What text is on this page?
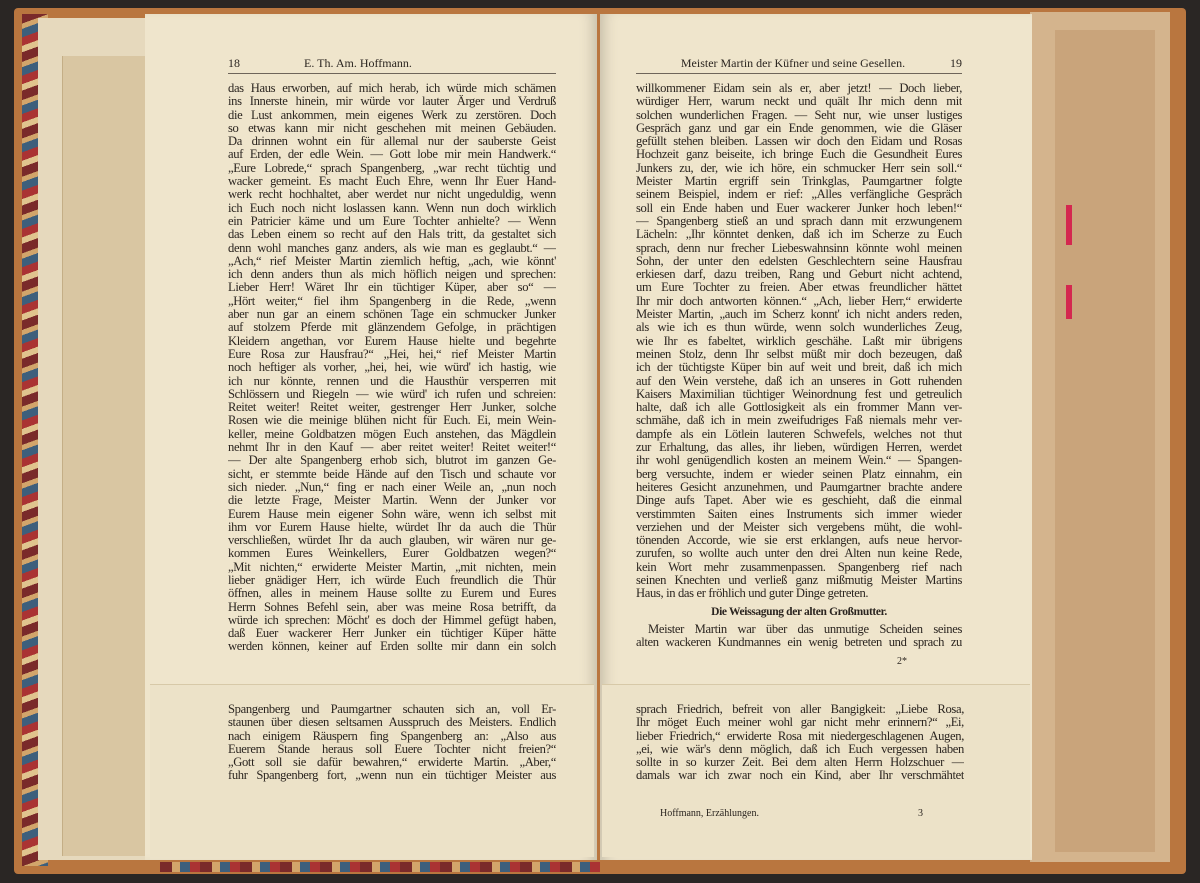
18	E. Th. Am. Hoffmann.
das Haus erworben, auf mich herab, ich würde mich schämen
ins Innerste hinein, mir würde vor lauter Ärger und Verdruß
die Lust ankommen, mein eigenes Werk zu zerstören. Doch
so etwas kann mir nicht geschehen mit meinen Gebäuden.
Da drinnen wohnt ein für allemal nur der sauberste Geist
auf Erden, der edle Wein. — Gott lobe mir mein Handwerk.“
„Eure Lobrede,“ sprach Spangenberg, „war recht tüchtig und
wacker gemeint. Es macht Euch Ehre, wenn Ihr Euer Hand-
werk recht hochhaltet, aber werdet nur nicht ungeduldig, wenn
ich Euch noch nicht loslassen kann. Wenn nun doch wirklich
ein Patricier käme und um Eure Tochter anhielte? — Wenn
das Leben einem so recht auf den Hals tritt, da gestaltet sich
denn wohl manches ganz anders, als wie man es geglaubt.“ —
„Ach,“ rief Meister Martin ziemlich heftig, „ach, wie könnt'
ich denn anders thun als mich höflich neigen und sprechen:
Lieber Herr! Wäret Ihr ein tüchtiger Küper, aber so“ —
„Hört weiter,“ fiel ihm Spangenberg in die Rede, „wenn
aber nun gar an einem schönen Tage ein schmucker Junker
auf stolzem Pferde mit glänzendem Gefolge, in prächtigen
Kleidern angethan, vor Eurem Hause hielte und begehrte
Eure Rosa zur Hausfrau?“ „Hei, hei,“ rief Meister Martin
noch heftiger als vorher, „hei, hei, wie würd' ich hastig, wie
ich nur könnte, rennen und die Hausthür versperren mit
Schlössern und Riegeln — wie würd' ich rufen und schreien:
Reitet weiter! Reitet weiter, gestrenger Herr Junker, solche
Rosen wie die meinige blühen nicht für Euch. Ei, mein Wein-
keller, meine Goldbatzen mögen Euch anstehen, das Mägdlein
nehmt Ihr in den Kauf — aber reitet weiter! Reitet weiter!“
— Der alte Spangenberg erhob sich, blutrot im ganzen Ge-
sicht, er stemmte beide Hände auf den Tisch und schaute vor
sich nieder. „Nun,“ fing er nach einer Weile an, „nun noch
die letzte Frage, Meister Martin. Wenn der Junker vor
Eurem Hause mein eigener Sohn wäre, wenn ich selbst mit
ihm vor Eurem Hause hielte, würdet Ihr da auch die Thür
verschließen, würdet Ihr da auch glauben, wir wären nur ge-
kommen Eures Weinkellers, Eurer Goldbatzen wegen?“
„Mit nichten,“ erwiderte Meister Martin, „mit nichten, mein
lieber gnädiger Herr, ich würde Euch freundlich die Thür
öffnen, alles in meinem Hause sollte zu Eurem und Eures
Herrn Sohnes Befehl sein, aber was meine Rosa betrifft, da
würde ich sprechen: Möcht' es doch der Himmel gefügt haben,
daß Euer wackerer Herr Junker ein tüchtiger Küper hätte
werden können, keiner auf Erden sollte mir dann ein solch
Spangenberg und Paumgartner schauten sich an, voll Er-
staunen über diesen seltsamen Ausspruch des Meisters. Endlich
nach einigem Räuspern fing Spangenberg an: „Also aus
Euerem Stande heraus soll Euere Tochter nicht freien?“
„Gott soll sie dafür bewahren,“ erwiderte Martin. „Aber,“
fuhr Spangenberg fort, „wenn nun ein tüchtiger Meister aus
Meister Martin der Küfner und seine Gesellen.	19
willkommener Eidam sein als er, aber jetzt! — Doch lieber,
würdiger Herr, warum neckt und quält Ihr mich denn mit
solchen wunderlichen Fragen. — Seht nur, wie unser lustiges
Gespräch ganz und gar ein Ende genommen, wie die Gläser
gefüllt stehen bleiben. Lassen wir doch den Eidam und Rosas
Hochzeit ganz beiseite, ich bringe Euch die Gesundheit Eures
Junkers zu, der, wie ich höre, ein schmucker Herr sein soll.“
Meister Martin ergriff sein Trinkglas, Paumgartner folgte
seinem Beispiel, indem er rief: „Alles verfängliche Gespräch
soll ein Ende haben und Euer wackerer Junker hoch leben!“
— Spangenberg stieß an und sprach dann mit erzwungenem
Lächeln: „Ihr könntet denken, daß ich im Scherze zu Euch
sprach, denn nur frecher Liebeswahnsinn könnte wohl meinen
Sohn, der unter den edelsten Geschlechtern seine Hausfrau
erkiesen darf, dazu treiben, Rang und Geburt nicht achtend,
um Eure Tochter zu freien. Aber etwas freundlicher hättet
Ihr mir doch antworten können.“ „Ach, lieber Herr,“ erwiderte
Meister Martin, „auch im Scherz konnt' ich nicht anders reden,
als wie ich es thun würde, wenn solch wunderliches Zeug,
wie Ihr es fabeltet, wirklich geschähe. Laßt mir übrigens
meinen Stolz, denn Ihr selbst müßt mir doch bezeugen, daß
ich der tüchtigste Küper bin auf weit und breit, daß ich mich
auf den Wein verstehe, daß ich an unseres in Gott ruhenden
Kaisers Maximilian tüchtiger Weinordnung fest und getreulich
halte, daß ich alle Gottlosigkeit als ein frommer Mann ver-
schmähe, daß ich in mein zweifudriges Faß niemals mehr ver-
dampfe als ein Lötlein lauteren Schwefels, welches not thut
zur Erhaltung, das alles, ihr lieben, würdigen Herren, werdet
ihr wohl genügendlich kosten an meinem Wein.“ — Spangen-
berg versuchte, indem er wieder seinen Platz einnahm, ein
heiteres Gesicht anzunehmen, und Paumgartner brachte andere
Dinge aufs Tapet. Aber wie es geschieht, daß die einmal
verstimmten Saiten eines Instruments sich immer wieder
verziehen und der Meister sich vergebens müht, die wohl-
tönenden Accorde, wie sie erst erklangen, aufs neue hervor-
zurufen, so wollte auch unter den drei Alten nun keine Rede,
kein Wort mehr zusammenpassen. Spangenberg rief nach
seinen Knechten und verließ ganz mißmutig Meister Martins
Haus, in das er fröhlich und guter Dinge getreten.
Die Weissagung der alten Großmutter.
Meister Martin war über das unmutige Scheiden seines
alten wackeren Kundmannes ein wenig betreten und sprach zu
2*
sprach Friedrich, befreit von aller Bangigkeit: „Liebe Rosa,
Ihr möget Euch meiner wohl gar nicht mehr erinnern?“ „Ei,
lieber Friedrich,“ erwiderte Rosa mit niedergeschlagenen Augen,
„ei, wie wär's denn möglich, daß ich Euch vergessen haben
sollte in so kurzer Zeit. Bei dem alten Herrn Holzschuer —
damals war ich zwar noch ein Kind, aber Ihr verschmähtet
Hoffmann, Erzählungen.	3
